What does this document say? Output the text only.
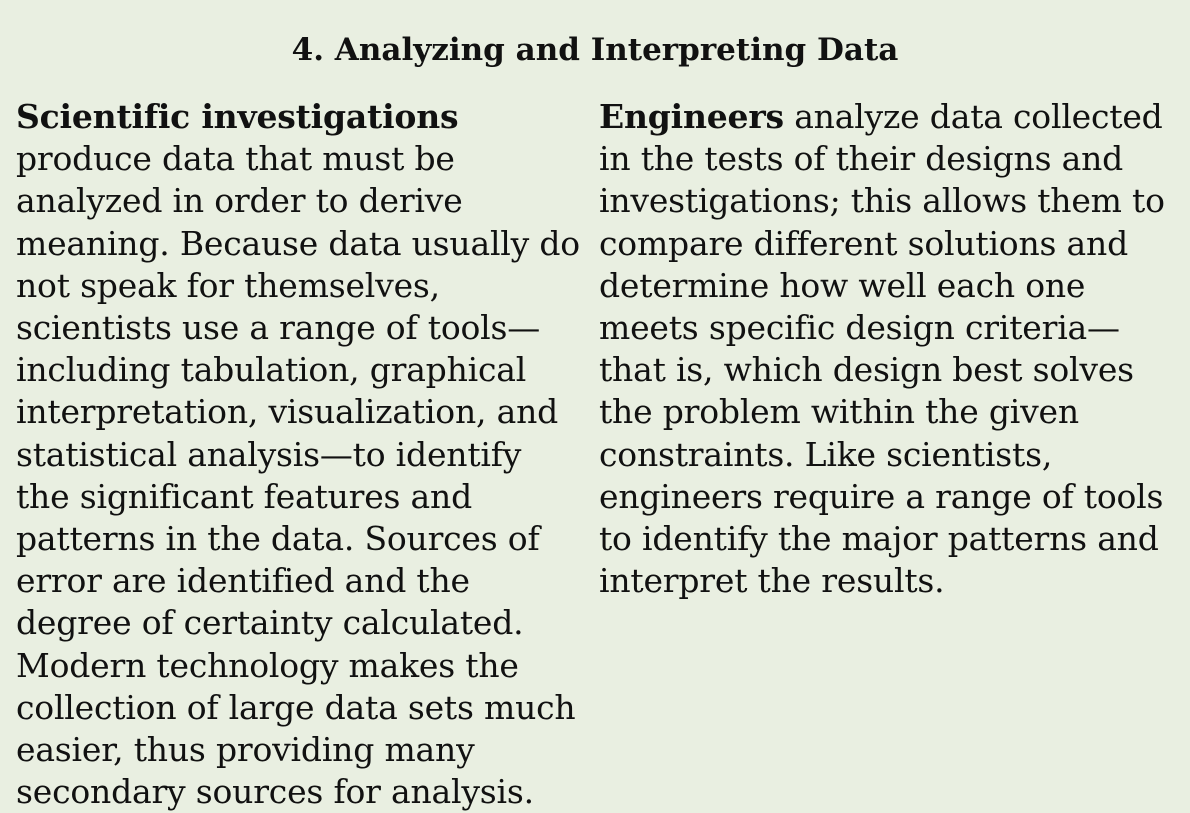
4. Analyzing and Interpreting Data

Scientific investigations produce data that must be analyzed in order to derive meaning. Because data usually do not speak for themselves, scientists use a range of tools—including tabulation, graphical interpretation, visualization, and statistical analysis—to identify the significant features and patterns in the data. Sources of error are identified and the degree of certainty calculated. Modern technology makes the collection of large data sets much easier, thus providing many secondary sources for analysis.

Engineers analyze data collected in the tests of their designs and investigations; this allows them to compare different solutions and determine how well each one meets specific design criteria—that is, which design best solves the problem within the given constraints. Like scientists, engineers require a range of tools to identify the major patterns and interpret the results.
